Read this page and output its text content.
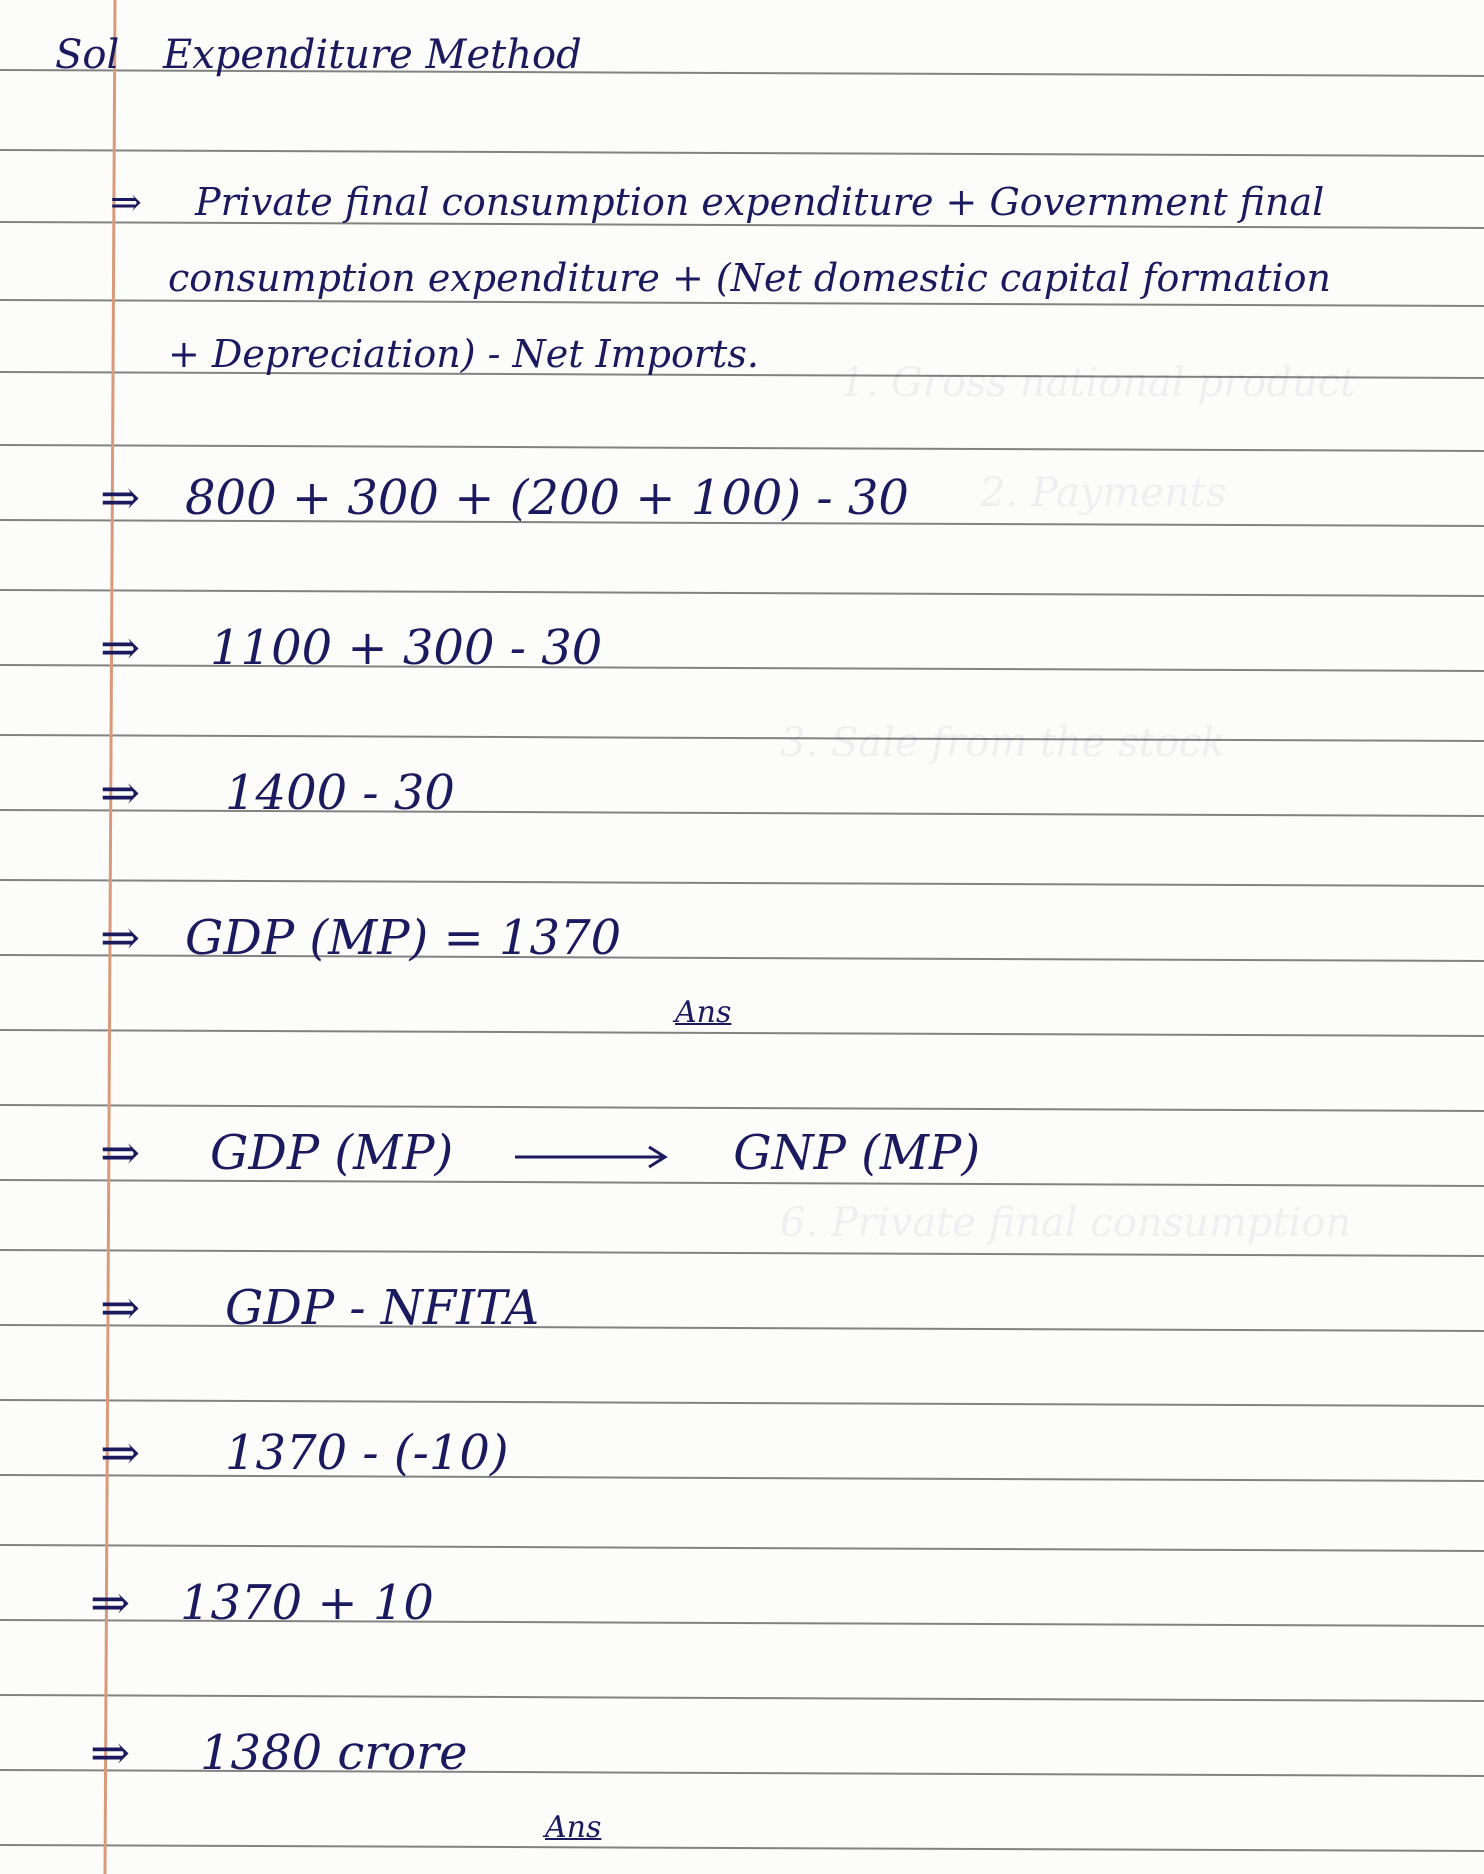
1. Gross national product
2. Payments
3. Sale from the stock
6. Private final consumption
Sol Expenditure Method
⇒ Private final consumption expenditure + Government final
consumption expenditure + (Net domestic capital formation
+ Depreciation) - Net Imports.
⇒ 800 + 300 + (200 + 100) - 30
⇒ 1100 + 300 - 30
⇒ 1400 - 30
⇒ GDP (MP) = 1370
Ans
⇒ GDP (MP)	GNP (MP)
⇒ GDP - NFITA
⇒ 1370 - (-10)
⇒ 1370 + 10
⇒ 1380 crore
Ans
